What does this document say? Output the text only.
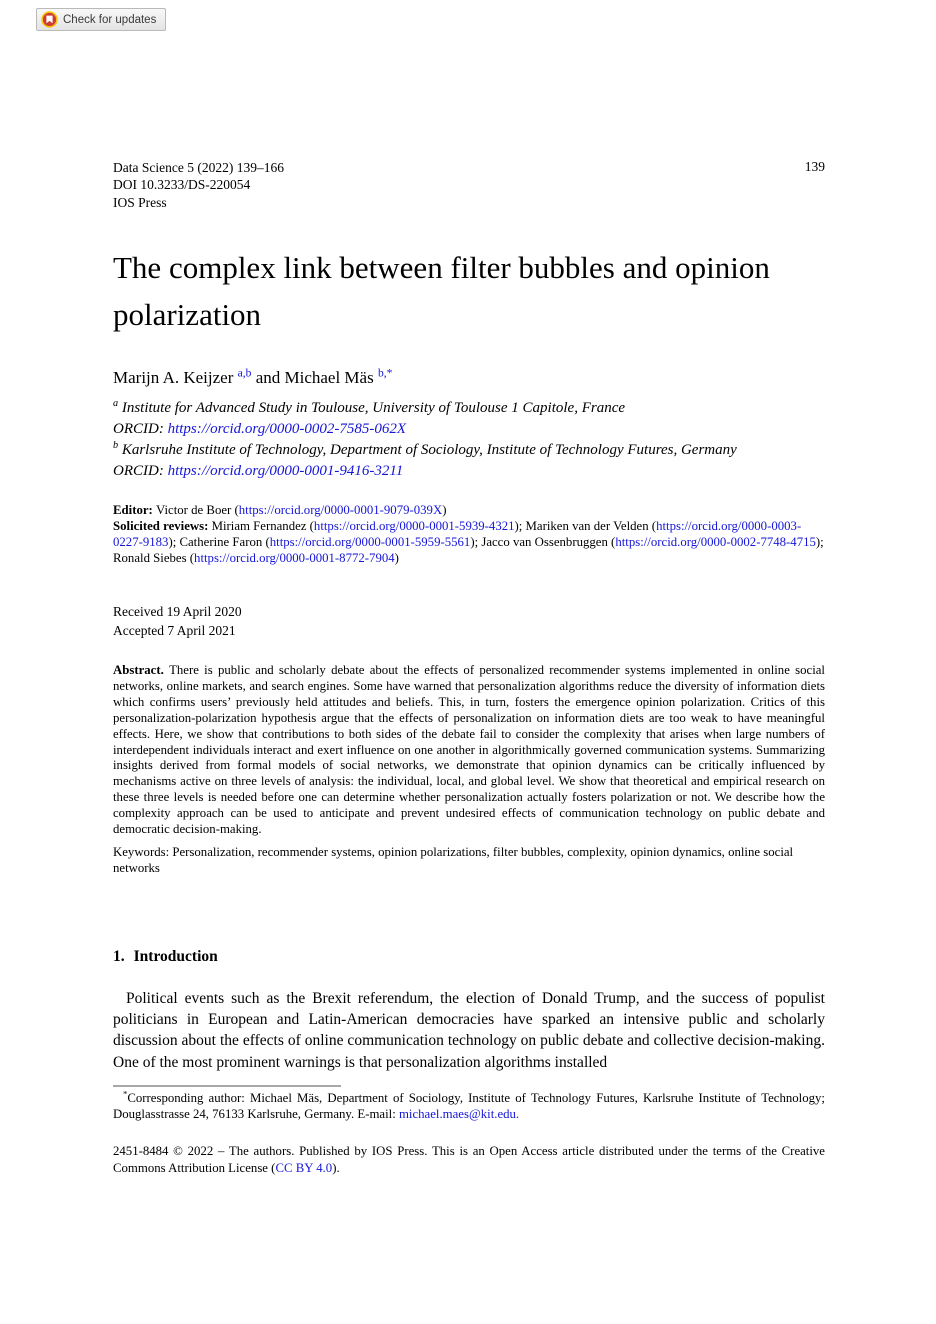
Check for updates
Data Science 5 (2022) 139–166
DOI 10.3233/DS-220054
IOS Press
139
The complex link between filter bubbles and opinion polarization
Marijn A. Keijzer $^{a,b}$ and Michael Mäs $^{b,*}$
$^a$ Institute for Advanced Study in Toulouse, University of Toulouse 1 Capitole, France
ORCID: https://orcid.org/0000-0002-7585-062X
$^b$ Karlsruhe Institute of Technology, Department of Sociology, Institute of Technology Futures, Germany
ORCID: https://orcid.org/0000-0001-9416-3211
Editor: Victor de Boer (https://orcid.org/0000-0001-9079-039X)
Solicited reviews: Miriam Fernandez (https://orcid.org/0000-0001-5939-4321); Mariken van der Velden (https://orcid.org/0000-0003-0227-9183); Catherine Faron (https://orcid.org/0000-0001-5959-5561); Jacco van Ossenbruggen (https://orcid.org/0000-0002-7748-4715); Ronald Siebes (https://orcid.org/0000-0001-8772-7904)
Received 19 April 2020
Accepted 7 April 2021
Abstract. There is public and scholarly debate about the effects of personalized recommender systems implemented in online social networks, online markets, and search engines. Some have warned that personalization algorithms reduce the diversity of information diets which confirms users’ previously held attitudes and beliefs. This, in turn, fosters the emergence opinion polarization. Critics of this personalization-polarization hypothesis argue that the effects of personalization on information diets are too weak to have meaningful effects. Here, we show that contributions to both sides of the debate fail to consider the complexity that arises when large numbers of interdependent individuals interact and exert influence on one another in algorithmically governed communication systems. Summarizing insights derived from formal models of social networks, we demonstrate that opinion dynamics can be critically influenced by mechanisms active on three levels of analysis: the individual, local, and global level. We show that theoretical and empirical research on these three levels is needed before one can determine whether personalization actually fosters polarization or not. We describe how the complexity approach can be used to anticipate and prevent undesired effects of communication technology on public debate and democratic decision-making.
Keywords: Personalization, recommender systems, opinion polarizations, filter bubbles, complexity, opinion dynamics, online social networks
1. Introduction

Political events such as the Brexit referendum, the election of Donald Trump, and the success of populist politicians in European and Latin-American democracies have sparked an intensive public and scholarly discussion about the effects of online communication technology on public debate and collective decision-making. One of the most prominent warnings is that personalization algorithms installed

*Corresponding author: Michael Mäs, Department of Sociology, Institute of Technology Futures, Karlsruhe Institute of Technology; Douglasstrasse 24, 76133 Karlsruhe, Germany. E-mail: michael.maes@kit.edu.
2451-8484 © 2022 – The authors. Published by IOS Press. This is an Open Access article distributed under the terms of the Creative Commons Attribution License (CC BY 4.0).
